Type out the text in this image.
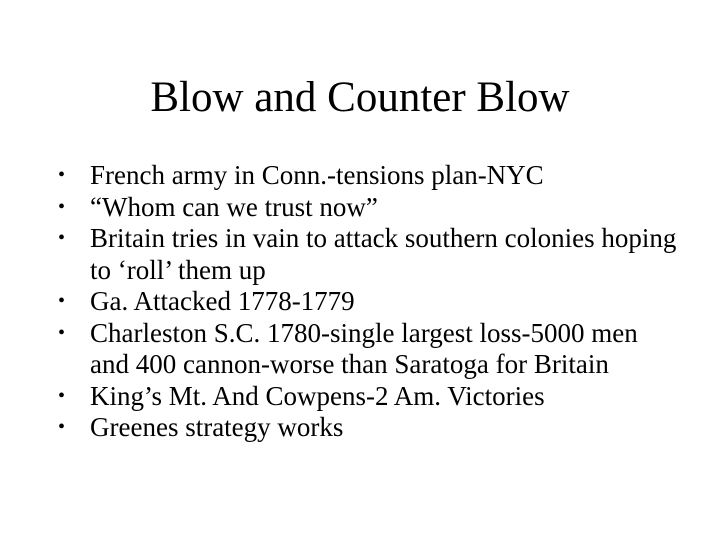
Blow and Counter Blow
• French army in Conn.-tensions plan-NYC
• “Whom can we trust now”
• Britain tries in vain to attack southern colonies hoping to ‘roll’ them up
• Ga. Attacked 1778-1779
• Charleston S.C. 1780-single largest loss-5000 men and 400 cannon-worse than Saratoga for Britain
• King’s Mt. And Cowpens-2 Am. Victories
• Greenes strategy works
